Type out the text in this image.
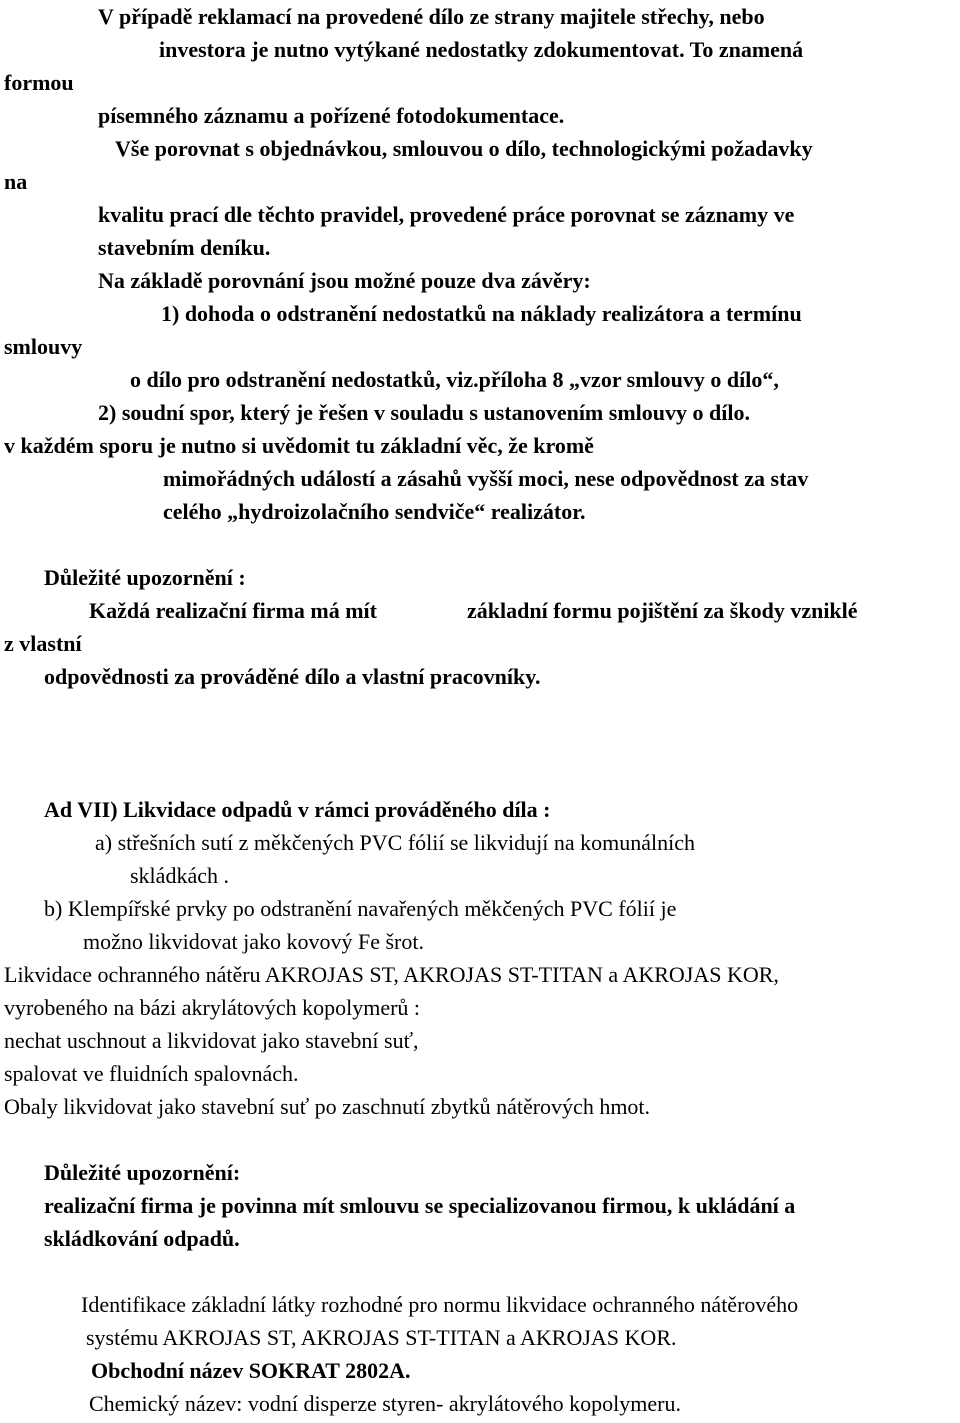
V případě reklamací na provedené dílo ze strany majitele střechy, nebo
investora je nutno vytýkané nedostatky zdokumentovat. To znamená
formou
písemného záznamu a pořízené fotodokumentace.
Vše porovnat s objednávkou, smlouvou o dílo, technologickými požadavky
na
kvalitu prací dle těchto pravidel, provedené práce porovnat se záznamy ve
stavebním deníku.
Na základě porovnání jsou možné pouze dva závěry:
1) dohoda o odstranění nedostatků na náklady realizátora a termínu
smlouvy
o dílo pro odstranění nedostatků, viz.příloha 8 „vzor smlouvy o dílo“,
2) soudní spor, který je řešen v souladu s ustanovením smlouvy o dílo.
v každém sporu je nutno si uvědomit tu základní věc, že kromě
mimořádných událostí a zásahů vyšší moci, nese odpovědnost za stav
celého „hydroizolačního sendviče“ realizátor.
Důležité upozornění :
Každá realizační firma má mít	základní formu pojištění za škody vzniklé
z vlastní
odpovědnosti za prováděné dílo a vlastní pracovníky.
Ad VII) Likvidace odpadů v rámci prováděného díla :
a) střešních sutí z měkčených PVC fólií se likvidují na komunálních
skládkách .
b) Klempířské prvky po odstranění navařených měkčených PVC fólií je
možno likvidovat jako kovový Fe šrot.
Likvidace ochranného nátěru AKROJAS ST, AKROJAS ST-TITAN a AKROJAS KOR,
vyrobeného na bázi akrylátových kopolymerů :
nechat uschnout a likvidovat jako stavební suť,
spalovat ve fluidních spalovnách.
Obaly likvidovat jako stavební suť po zaschnutí zbytků nátěrových hmot.
Důležité upozornění:
realizační firma je povinna mít smlouvu se specializovanou firmou, k ukládání a
skládkování odpadů.
Identifikace základní látky rozhodné pro normu likvidace ochranného nátěrového
systému AKROJAS ST, AKROJAS ST-TITAN a AKROJAS KOR.
Obchodní název SOKRAT 2802A.
Chemický název: vodní disperze styren- akrylátového kopolymeru.
